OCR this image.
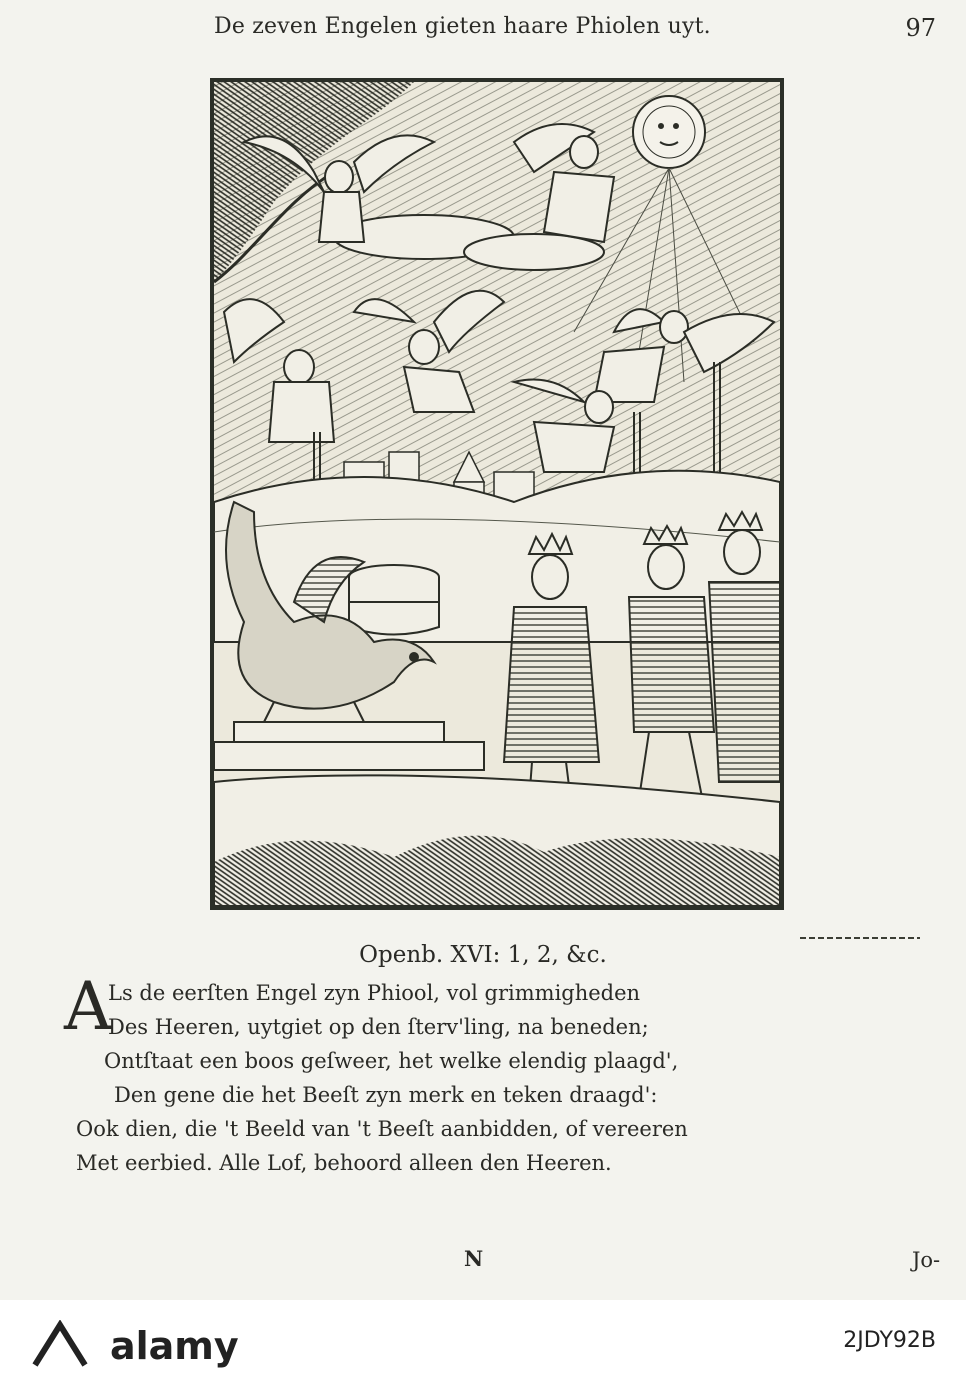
De zeven Engelen gieten haare Phiolen uyt.	97
Openb. XVI: 1, 2, &c.
A
Ls de eerſten Engel zyn Phiool, vol grimmigheden
Des Heeren, uytgiet op den ſterv'ling, na beneden;
Ontſtaat een boos geſweer, het welke elendig plaagd',
Den gene die het Beeſt zyn merk en teken draagd':
Ook dien, die 't Beeld van 't Beeſt aanbidden, of vereeren
Met eerbied. Alle Lof, behoord alleen den Heeren.
N	Jo-
alamy	2JDY92B
